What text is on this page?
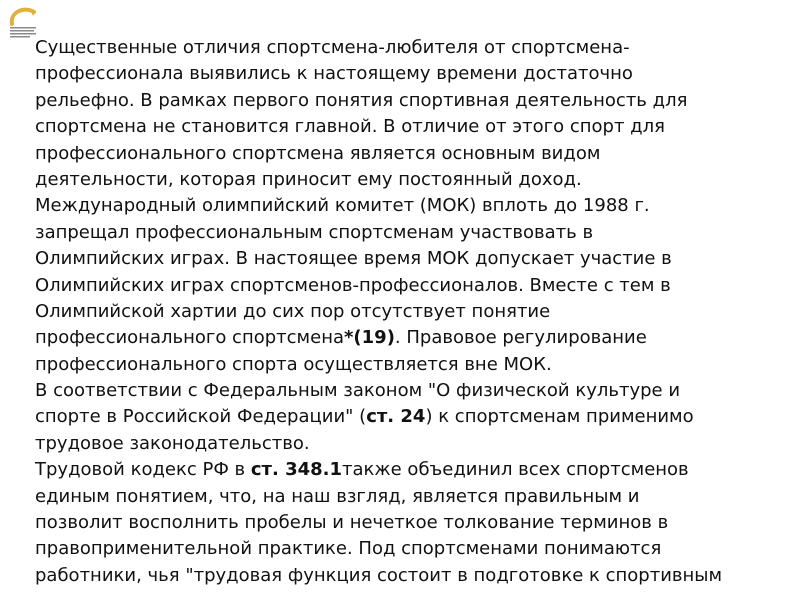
Существенные отличия спортсмена-любителя от спортсмена-
профессионала выявились к настоящему времени достаточно
рельефно. В рамках первого понятия спортивная деятельность для
спортсмена не становится главной. В отличие от этого спорт для
профессионального спортсмена является основным видом
деятельности, которая приносит ему постоянный доход.
Международный олимпийский комитет (МОК) вплоть до 1988 г.
запрещал профессиональным спортсменам участвовать в
Олимпийских играх. В настоящее время МОК допускает участие в
Олимпийских играх спортсменов-профессионалов. Вместе с тем в
Олимпийской хартии до сих пор отсутствует понятие
профессионального спортсмена*(19). Правовое регулирование
профессионального спорта осуществляется вне МОК.
В соответствии с Федеральным законом "О физической культуре и
спорте в Российской Федерации" (ст. 24) к спортсменам применимо
трудовое законодательство.
Трудовой кодекс РФ в ст. 348.1также объединил всех спортсменов
единым понятием, что, на наш взгляд, является правильным и
позволит восполнить пробелы и нечеткое толкование терминов в
правоприменительной практике. Под спортсменами понимаются
работники, чья "трудовая функция состоит в подготовке к спортивным
